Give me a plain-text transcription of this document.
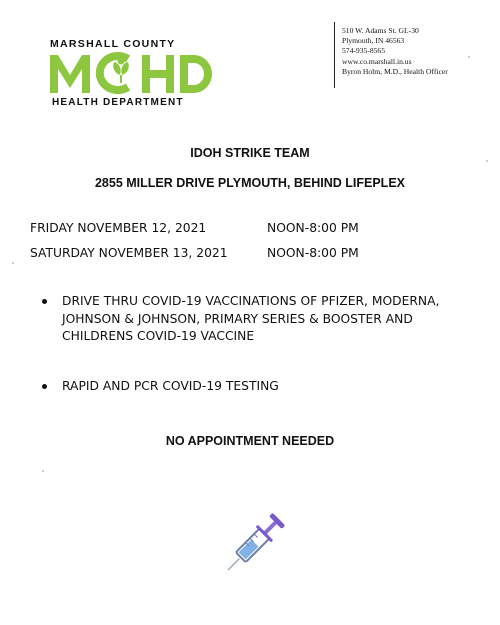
MARSHALL COUNTY
HEALTH DEPARTMENT
510 W. Adams St. GL-30
Plymouth, IN 46563
574-935-8565
www.co.marshall.in.us
Byron Holm, M.D., Health Officer
IDOH STRIKE TEAM
2855 MILLER DRIVE PLYMOUTH, BEHIND LIFEPLEX
FRIDAY NOVEMBER 12, 2021	NOON-8:00 PM
SATURDAY NOVEMBER 13, 2021	NOON-8:00 PM
DRIVE THRU COVID-19 VACCINATIONS OF PFIZER, MODERNA, JOHNSON & JOHNSON, PRIMARY SERIES & BOOSTER AND CHILDRENS COVID-19 VACCINE
RAPID AND PCR COVID-19 TESTING
NO APPOINTMENT NEEDED
